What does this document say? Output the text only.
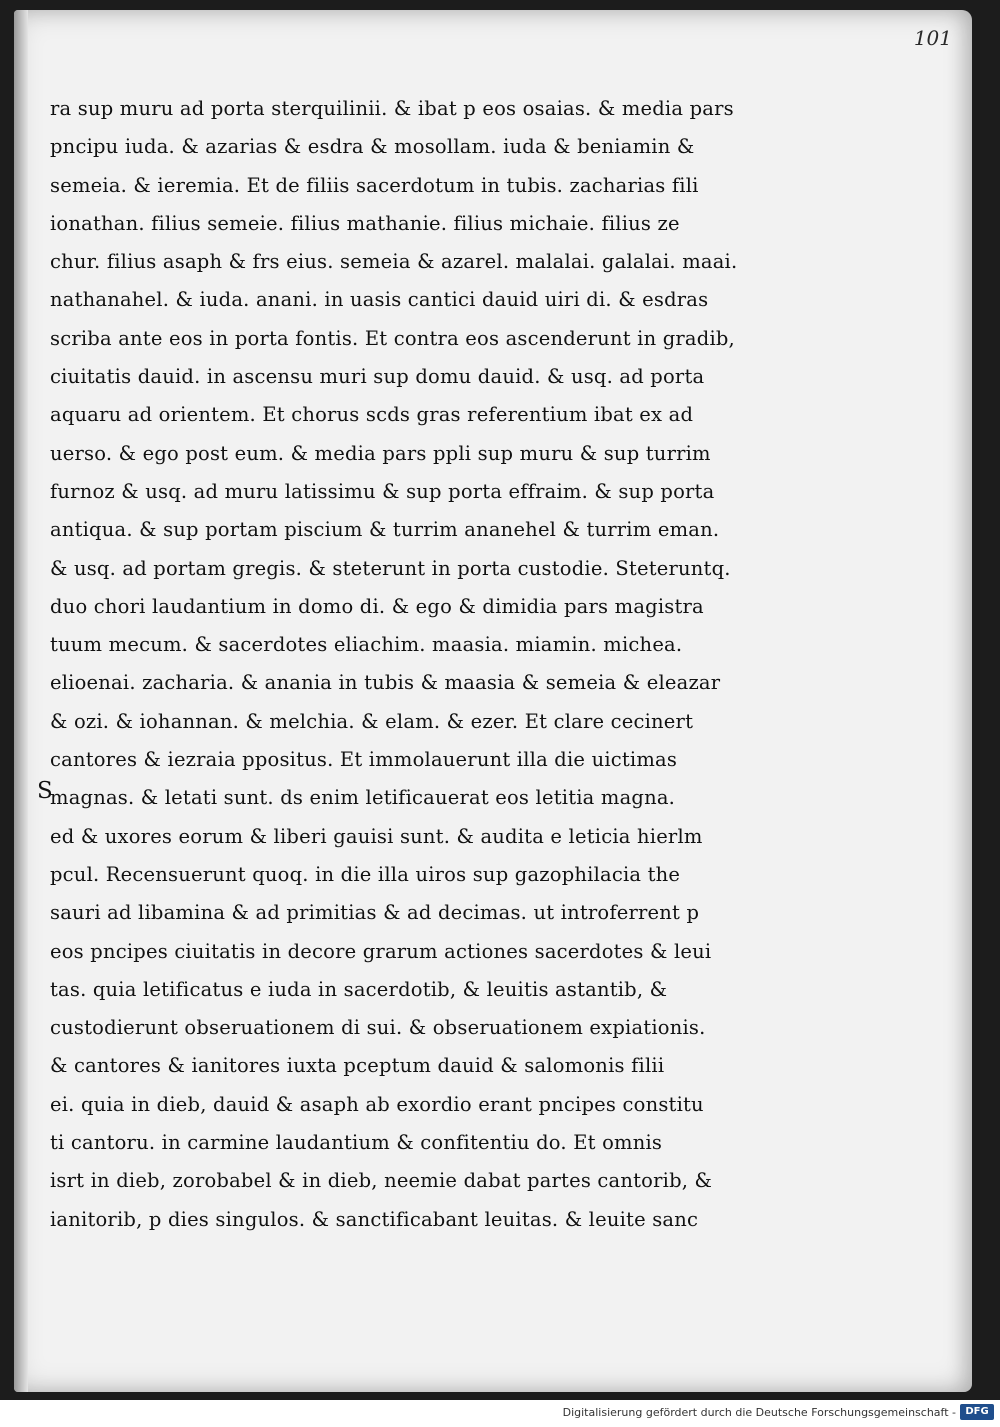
101
S
ra sup muru ad porta sterquilinii. & ibat p eos osaias. & media pars
pncipu iuda. & azarias & esdra & mosollam. iuda & beniamin &
semeia. & ieremia. Et de filiis sacerdotum in tubis. zacharias fili
ionathan. filius semeie. filius mathanie. filius michaie. filius ze
chur. filius asaph & frs eius. semeia & azarel. malalai. galalai. maai.
nathanahel. & iuda. anani. in uasis cantici dauid uiri di. & esdras
scriba ante eos in porta fontis. Et contra eos ascenderunt in gradib,
ciuitatis dauid. in ascensu muri sup domu dauid. & usq. ad porta
aquaru ad orientem. Et chorus scds gras referentium ibat ex ad
uerso. & ego post eum. & media pars ppli sup muru & sup turrim
furnoz & usq. ad muru latissimu & sup porta effraim. & sup porta
antiqua. & sup portam piscium & turrim ananehel & turrim eman.
& usq. ad portam gregis. & steterunt in porta custodie. Steteruntq.
duo chori laudantium in domo di. & ego & dimidia pars magistra
tuum mecum. & sacerdotes eliachim. maasia. miamin. michea.
elioenai. zacharia. & anania in tubis & maasia & semeia & eleazar
& ozi. & iohannan. & melchia. & elam. & ezer. Et clare cecinert
cantores & iezraia ppositus. Et immolauerunt illa die uictimas
magnas. & letati sunt. ds enim letificauerat eos letitia magna.
ed & uxores eorum & liberi gauisi sunt. & audita e leticia hierlm
pcul. Recensuerunt quoq. in die illa uiros sup gazophilacia the
sauri ad libamina & ad primitias & ad decimas. ut introferrent p
eos pncipes ciuitatis in decore grarum actiones sacerdotes & leui
tas. quia letificatus e iuda in sacerdotib, & leuitis astantib, &
custodierunt obseruationem di sui. & obseruationem expiationis.
& cantores & ianitores iuxta pceptum dauid & salomonis filii
ei. quia in dieb, dauid & asaph ab exordio erant pncipes constitu
ti cantoru. in carmine laudantium & confitentiu do. Et omnis
isrt in dieb, zorobabel & in dieb, neemie dabat partes cantorib, &
ianitorib, p dies singulos. & sanctificabant leuitas. & leuite sanc
Digitalisierung gefördert durch die Deutsche Forschungsgemeinschaft - DFG
